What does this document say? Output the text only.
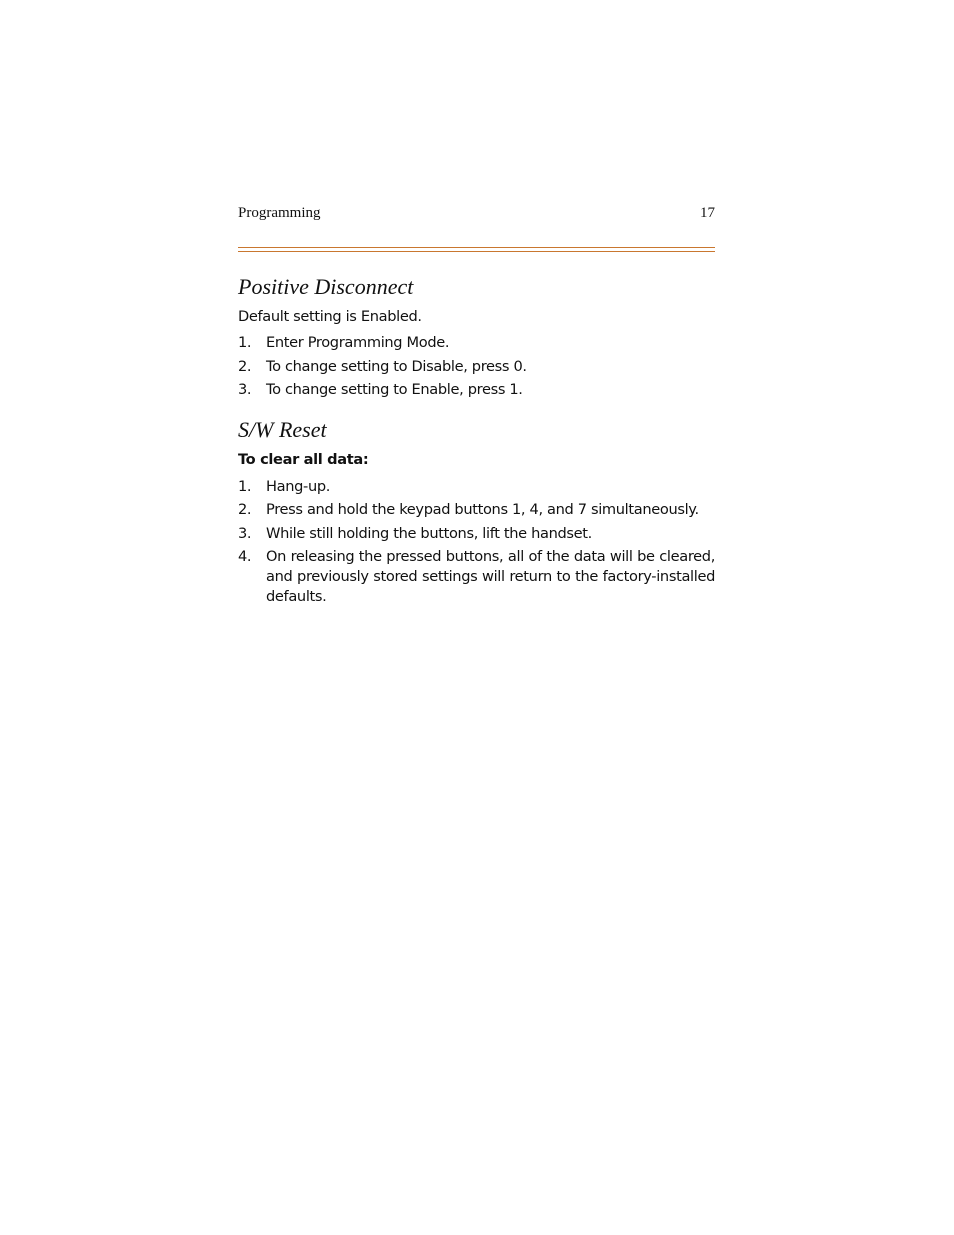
Programming	17
Positive Disconnect
Default setting is Enabled.
1. Enter Programming Mode.
2. To change setting to Disable, press 0.
3. To change setting to Enable, press 1.
S/W Reset
To clear all data:
1. Hang-up.
2. Press and hold the keypad buttons 1, 4, and 7 simultaneously.
3. While still holding the buttons, lift the handset.
4. On releasing the pressed buttons, all of the data will be cleared, and previously stored settings will return to the factory-installed defaults.
